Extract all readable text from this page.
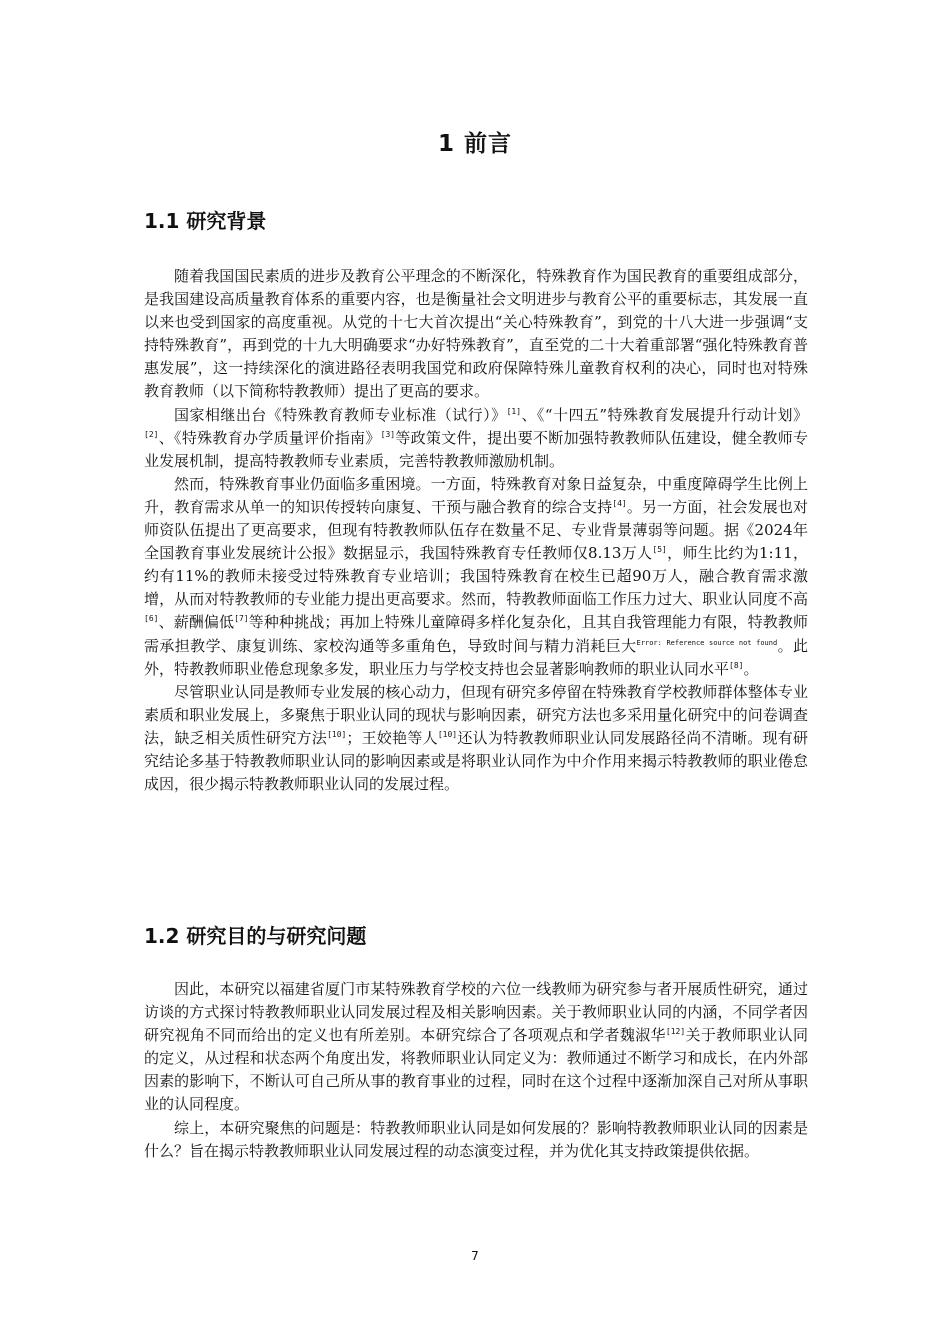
1 前言
1.1 研究背景

随着我国国民素质的进步及教育公平理念的不断深化，特殊教育作为国民教育的重要组成部分，是我国建设高质量教育体系的重要内容，也是衡量社会文明进步与教育公平的重要标志，其发展一直以来也受到国家的高度重视。从党的十七大首次提出“关心特殊教育”，到党的十八大进一步强调“支持特殊教育”，再到党的十九大明确要求“办好特殊教育”，直至党的二十大着重部署“强化特殊教育普惠发展”，这一持续深化的演进路径表明我国党和政府保障特殊儿童教育权利的决心，同时也对特殊教育教师（以下简称特教教师）提出了更高的要求。

国家相继出台《特殊教育教师专业标准（试行）》[1]、《“十四五”特殊教育发展提升行动计划》[2]、《特殊教育办学质量评价指南》[3]等政策文件，提出要不断加强特教教师队伍建设，健全教师专业发展机制，提高特教教师专业素质，完善特教教师激励机制。

然而，特殊教育事业仍面临多重困境。一方面，特殊教育对象日益复杂，中重度障碍学生比例上升，教育需求从单一的知识传授转向康复、干预与融合教育的综合支持[4]。另一方面，社会发展也对师资队伍提出了更高要求，但现有特教教师队伍存在数量不足、专业背景薄弱等问题。据《2024年全国教育事业发展统计公报》数据显示，我国特殊教育专任教师仅8.13万人[5]，师生比约为1:11，约有11%的教师未接受过特殊教育专业培训；我国特殊教育在校生已超90万人，融合教育需求激增，从而对特教教师的专业能力提出更高要求。然而，特教教师面临工作压力过大、职业认同度不高[6]、薪酬偏低[7]等种种挑战；再加上特殊儿童障碍多样化复杂化，且其自我管理能力有限，特教教师需承担教学、康复训练、家校沟通等多重角色，导致时间与精力消耗巨大$^{Error: Reference source not found}$。此外，特教教师职业倦怠现象多发，职业压力与学校支持也会显著影响教师的职业认同水平[8]。

尽管职业认同是教师专业发展的核心动力，但现有研究多停留在特殊教育学校教师群体整体专业素质和职业发展上，多聚焦于职业认同的现状与影响因素，研究方法也多采用量化研究中的问卷调查法，缺乏相关质性研究方法[10]；王姣艳等人[10]还认为特教教师职业认同发展路径尚不清晰。现有研究结论多基于特教教师职业认同的影响因素或是将职业认同作为中介作用来揭示特教教师的职业倦怠成因，很少揭示特教教师职业认同的发展过程。

1.2 研究目的与研究问题

因此，本研究以福建省厦门市某特殊教育学校的六位一线教师为研究参与者开展质性研究，通过访谈的方式探讨特教教师职业认同发展过程及相关影响因素。关于教师职业认同的内涵，不同学者因研究视角不同而给出的定义也有所差别。本研究综合了各项观点和学者魏淑华[12]关于教师职业认同的定义，从过程和状态两个角度出发，将教师职业认同定义为：教师通过不断学习和成长，在内外部因素的影响下，不断认可自己所从事的教育事业的过程，同时在这个过程中逐渐加深自己对所从事职业的认同程度。

综上，本研究聚焦的问题是：特教教师职业认同是如何发展的？影响特教教师职业认同的因素是什么？旨在揭示特教教师职业认同发展过程的动态演变过程，并为优化其支持政策提供依据。

7
